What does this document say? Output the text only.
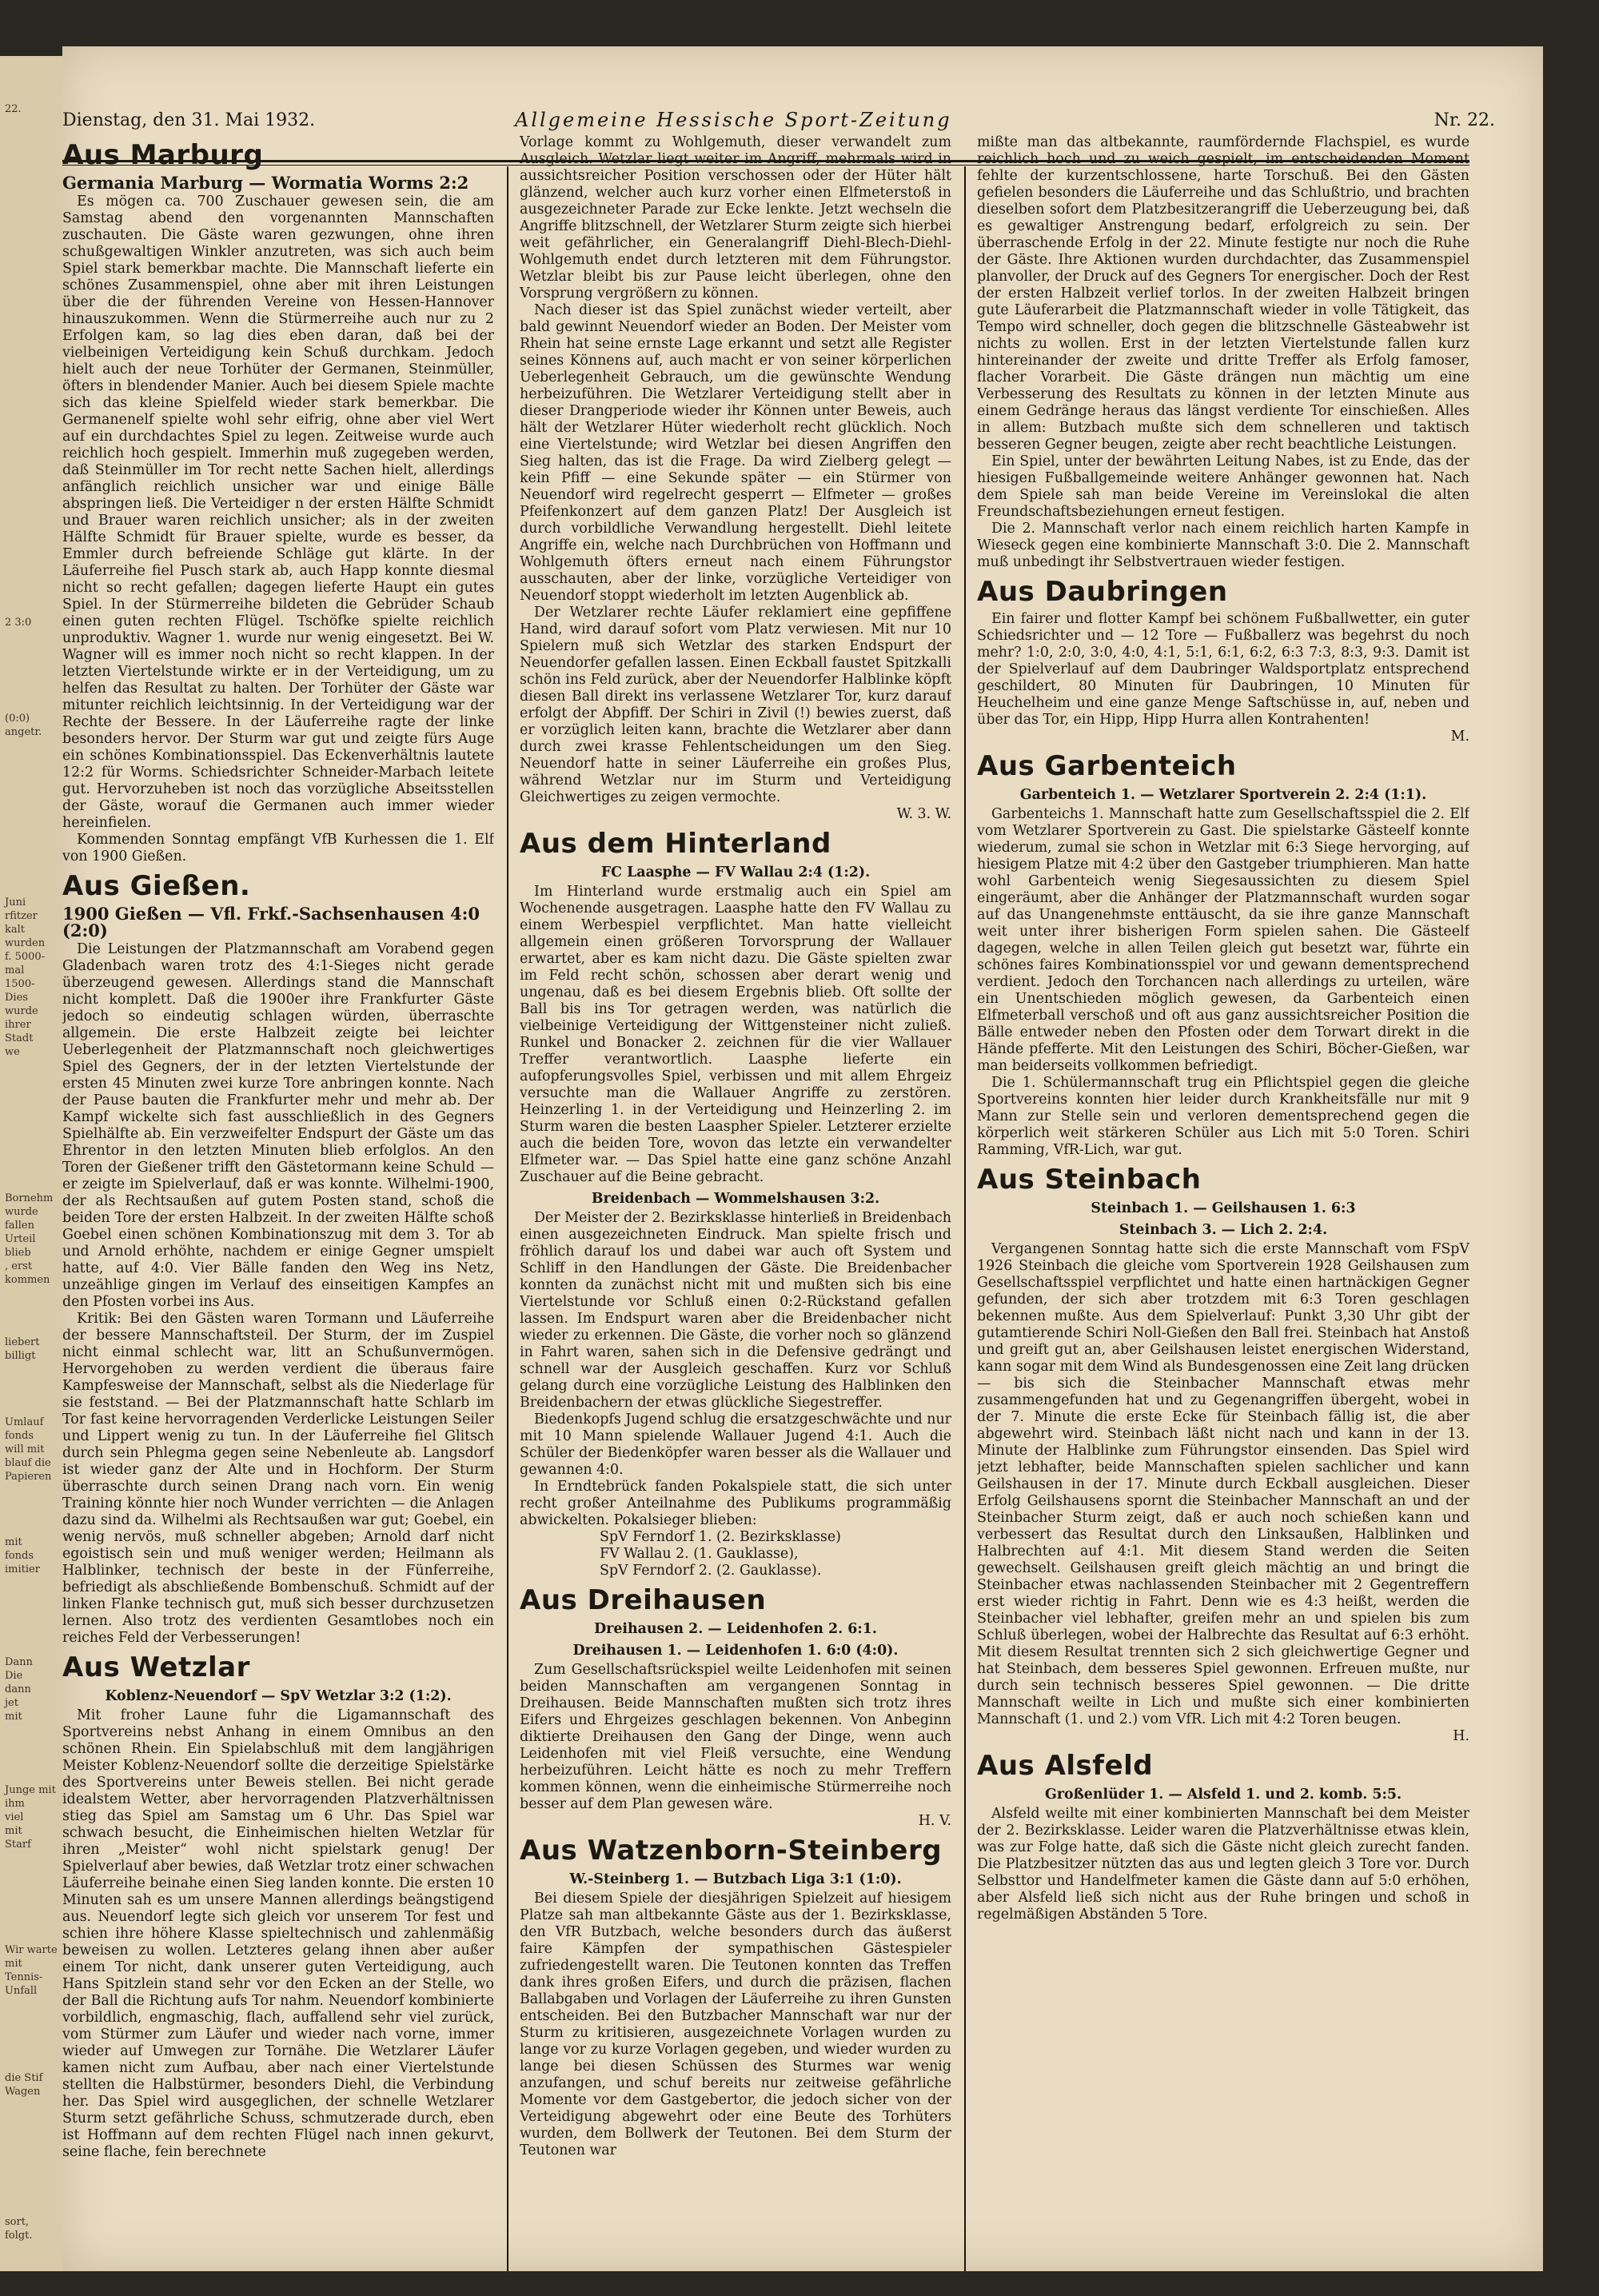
22.
2 3:0
(0:0)
angetr.
Juni
rfitzer
kalt
wurden
f. 5000-
mal
1500-
Dies
wurde
ihrer
Stadt
we
Bornehm
wurde
fallen
Urteil
blieb
, erst
kommen
liebert
billigt
Umlauf
fonds
will mit
blauf die
Papieren
mit
fonds
imitier
Dann
Die
dann
jet
mit
Junge mit
ihm
viel
mit
Starf
Wir warte
mit
Tennis-
Unfall
die Stif
Wagen
sort, folgt.
Dienstag, den 31. Mai 1932.	Allgemeine Hessische Sport-Zeitung	Nr. 22.
Aus Marburg
Germania Marburg — Wormatia Worms 2:2

Es mögen ca. 700 Zuschauer gewesen sein, die am Samstag abend den vorgenannten Mannschaften zuschauten. Die Gäste waren gezwungen, ohne ihren schußgewaltigen Winkler anzutreten, was sich auch beim Spiel stark bemerkbar machte. Die Mannschaft lieferte ein schönes Zusammenspiel, ohne aber mit ihren Leistungen über die der führenden Vereine von Hessen-Hannover hinauszukommen. Wenn die Stürmerreihe auch nur zu 2 Erfolgen kam, so lag dies eben daran, daß bei der vielbeinigen Verteidigung kein Schuß durchkam. Jedoch hielt auch der neue Torhüter der Germanen, Steinmüller, öfters in blendender Manier. Auch bei diesem Spiele machte sich das kleine Spielfeld wieder stark bemerkbar. Die Germanenelf spielte wohl sehr eifrig, ohne aber viel Wert auf ein durchdachtes Spiel zu legen. Zeitweise wurde auch reichlich hoch gespielt. Immerhin muß zugegeben werden, daß Steinmüller im Tor recht nette Sachen hielt, allerdings anfänglich reichlich unsicher war und einige Bälle abspringen ließ. Die Verteidiger n der ersten Hälfte Schmidt und Brauer waren reichlich unsicher; als in der zweiten Hälfte Schmidt für Brauer spielte, wurde es besser, da Emmler durch befreiende Schläge gut klärte. In der Läuferreihe fiel Pusch stark ab, auch Happ konnte diesmal nicht so recht gefallen; dagegen lieferte Haupt ein gutes Spiel. In der Stürmerreihe bildeten die Gebrüder Schaub einen guten rechten Flügel. Tschöfke spielte reichlich unproduktiv. Wagner 1. wurde nur wenig eingesetzt. Bei W. Wagner will es immer noch nicht so recht klappen. In der letzten Viertelstunde wirkte er in der Verteidigung, um zu helfen das Resultat zu halten. Der Torhüter der Gäste war mitunter reichlich leichtsinnig. In der Verteidigung war der Rechte der Bessere. In der Läuferreihe ragte der linke besonders hervor. Der Sturm war gut und zeigte fürs Auge ein schönes Kombinationsspiel. Das Eckenverhältnis lautete 12:2 für Worms. Schiedsrichter Schneider-Marbach leitete gut. Hervorzuheben ist noch das vorzügliche Abseitsstellen der Gäste, worauf die Germanen auch immer wieder hereinfielen.

Kommenden Sonntag empfängt VfB Kurhessen die 1. Elf von 1900 Gießen.

Aus Gießen.
1900 Gießen — Vfl. Frkf.-Sachsenhausen 4:0 (2:0)

Die Leistungen der Platzmannschaft am Vorabend gegen Gladenbach waren trotz des 4:1-Sieges nicht gerade überzeugend gewesen. Allerdings stand die Mannschaft nicht komplett. Daß die 1900er ihre Frankfurter Gäste jedoch so eindeutig schlagen würden, überraschte allgemein. Die erste Halbzeit zeigte bei leichter Ueberlegenheit der Platzmannschaft noch gleichwertiges Spiel des Gegners, der in der letzten Viertelstunde der ersten 45 Minuten zwei kurze Tore anbringen konnte. Nach der Pause bauten die Frankfurter mehr und mehr ab. Der Kampf wickelte sich fast ausschließlich in des Gegners Spielhälfte ab. Ein verzweifelter Endspurt der Gäste um das Ehrentor in den letzten Minuten blieb erfolglos. An den Toren der Gießener trifft den Gästetormann keine Schuld — er zeigte im Spielverlauf, daß er was konnte. Wilhelmi-1900, der als Rechtsaußen auf gutem Posten stand, schoß die beiden Tore der ersten Halbzeit. In der zweiten Hälfte schoß Goebel einen schönen Kombinationszug mit dem 3. Tor ab und Arnold erhöhte, nachdem er einige Gegner umspielt hatte, auf 4:0. Vier Bälle fanden den Weg ins Netz, unzeählige gingen im Verlauf des einseitigen Kampfes an den Pfosten vorbei ins Aus.

Kritik: Bei den Gästen waren Tormann und Läuferreihe der bessere Mannschaftsteil. Der Sturm, der im Zuspiel nicht einmal schlecht war, litt an Schußunvermögen. Hervorgehoben zu werden verdient die überaus faire Kampfesweise der Mannschaft, selbst als die Niederlage für sie feststand. — Bei der Platzmannschaft hatte Schlarb im Tor fast keine hervorragenden Verderlicke Leistungen Seiler und Lippert wenig zu tun. In der Läuferreihe fiel Glitsch durch sein Phlegma gegen seine Nebenleute ab. Langsdorf ist wieder ganz der Alte und in Hochform. Der Sturm überraschte durch seinen Drang nach vorn. Ein wenig Training könnte hier noch Wunder verrichten — die Anlagen dazu sind da. Wilhelmi als Rechtsaußen war gut; Goebel, ein wenig nervös, muß schneller abgeben; Arnold darf nicht egoistisch sein und muß weniger werden; Heilmann als Halblinker, technisch der beste in der Fünferreihe, befriedigt als abschließende Bombenschuß. Schmidt auf der linken Flanke technisch gut, muß sich besser durchzusetzen lernen. Also trotz des verdienten Gesamtlobes noch ein reiches Feld der Verbesserungen!

Aus Wetzlar
Koblenz-Neuendorf — SpV Wetzlar 3:2 (1:2).

Mit froher Laune fuhr die Ligamannschaft des Sportvereins nebst Anhang in einem Omnibus an den schönen Rhein. Ein Spielabschluß mit dem langjährigen Meister Koblenz-Neuendorf sollte die derzeitige Spielstärke des Sportvereins unter Beweis stellen. Bei nicht gerade idealstem Wetter, aber hervorragenden Platzverhältnissen stieg das Spiel am Samstag um 6 Uhr. Das Spiel war schwach besucht, die Einheimischen hielten Wetzlar für ihren „Meister“ wohl nicht spielstark genug! Der Spielverlauf aber bewies, daß Wetzlar trotz einer schwachen Läuferreihe beinahe einen Sieg landen konnte. Die ersten 10 Minuten sah es um unsere Mannen allerdings beängstigend aus. Neuendorf legte sich gleich vor unserem Tor fest und schien ihre höhere Klasse spieltechnisch und zahlenmäßig beweisen zu wollen. Letzteres gelang ihnen aber außer einem Tor nicht, dank unserer guten Verteidigung, auch Hans Spitzlein stand sehr vor den Ecken an der Stelle, wo der Ball die Richtung aufs Tor nahm. Neuendorf kombinierte vorbildlich, engmaschig, flach, auffallend sehr viel zurück, vom Stürmer zum Läufer und wieder nach vorne, immer wieder auf Umwegen zur Tornähe. Die Wetzlarer Läufer kamen nicht zum Aufbau, aber nach einer Viertelstunde stellten die Halbstürmer, besonders Diehl, die Verbindung her. Das Spiel wird ausgeglichen, der schnelle Wetzlarer Sturm setzt gefährliche Schuss, schmutzerade durch, eben ist Hoffmann auf dem rechten Flügel nach innen gekurvt, seine flache, fein berechnete

Vorlage kommt zu Wohlgemuth, dieser verwandelt zum Ausgleich. Wetzlar liegt weiter im Angriff, mehrmals wird in aussichtsreicher Position verschossen oder der Hüter hält glänzend, welcher auch kurz vorher einen Elfmeterstoß in ausgezeichneter Parade zur Ecke lenkte. Jetzt wechseln die Angriffe blitzschnell, der Wetzlarer Sturm zeigte sich hierbei weit gefährlicher, ein Generalangriff Diehl-Blech-Diehl-Wohlgemuth endet durch letzteren mit dem Führungstor. Wetzlar bleibt bis zur Pause leicht überlegen, ohne den Vorsprung vergrößern zu können.

Nach dieser ist das Spiel zunächst wieder verteilt, aber bald gewinnt Neuendorf wieder an Boden. Der Meister vom Rhein hat seine ernste Lage erkannt und setzt alle Register seines Könnens auf, auch macht er von seiner körperlichen Ueberlegenheit Gebrauch, um die gewünschte Wendung herbeizuführen. Die Wetzlarer Verteidigung stellt aber in dieser Drangperiode wieder ihr Können unter Beweis, auch hält der Wetzlarer Hüter wiederholt recht glücklich. Noch eine Viertelstunde; wird Wetzlar bei diesen Angriffen den Sieg halten, das ist die Frage. Da wird Zielberg gelegt — kein Pfiff — eine Sekunde später — ein Stürmer von Neuendorf wird regelrecht gesperrt — Elfmeter — großes Pfeifenkonzert auf dem ganzen Platz! Der Ausgleich ist durch vorbildliche Verwandlung hergestellt. Diehl leitete Angriffe ein, welche nach Durchbrüchen von Hoffmann und Wohlgemuth öfters erneut nach einem Führungstor ausschauten, aber der linke, vorzügliche Verteidiger von Neuendorf stoppt wiederholt im letzten Augenblick ab.

Der Wetzlarer rechte Läufer reklamiert eine gepfiffene Hand, wird darauf sofort vom Platz verwiesen. Mit nur 10 Spielern muß sich Wetzlar des starken Endspurt der Neuendorfer gefallen lassen. Einen Eckball faustet Spitzkalli schön ins Feld zurück, aber der Neuendorfer Halblinke köpft diesen Ball direkt ins verlassene Wetzlarer Tor, kurz darauf erfolgt der Abpfiff. Der Schiri in Zivil (!) bewies zuerst, daß er vorzüglich leiten kann, brachte die Wetzlarer aber dann durch zwei krasse Fehlentscheidungen um den Sieg. Neuendorf hatte in seiner Läuferreihe ein großes Plus, während Wetzlar nur im Sturm und Verteidigung Gleichwertiges zu zeigen vermochte.

W. 3. W.
Aus dem Hinterland
FC Laasphe — FV Wallau 2:4 (1:2).

Im Hinterland wurde erstmalig auch ein Spiel am Wochenende ausgetragen. Laasphe hatte den FV Wallau zu einem Werbespiel verpflichtet. Man hatte vielleicht allgemein einen größeren Torvorsprung der Wallauer erwartet, aber es kam nicht dazu. Die Gäste spielten zwar im Feld recht schön, schossen aber derart wenig und ungenau, daß es bei diesem Ergebnis blieb. Oft sollte der Ball bis ins Tor getragen werden, was natürlich die vielbeinige Verteidigung der Wittgensteiner nicht zuließ. Runkel und Bonacker 2. zeichnen für die vier Wallauer Treffer verantwortlich. Laasphe lieferte ein aufopferungsvolles Spiel, verbissen und mit allem Ehrgeiz versuchte man die Wallauer Angriffe zu zerstören. Heinzerling 1. in der Verteidigung und Heinzerling 2. im Sturm waren die besten Laaspher Spieler. Letzterer erzielte auch die beiden Tore, wovon das letzte ein verwandelter Elfmeter war. — Das Spiel hatte eine ganz schöne Anzahl Zuschauer auf die Beine gebracht.

Breidenbach — Wommelshausen 3:2.

Der Meister der 2. Bezirksklasse hinterließ in Breidenbach einen ausgezeichneten Eindruck. Man spielte frisch und fröhlich darauf los und dabei war auch oft System und Schliff in den Handlungen der Gäste. Die Breidenbacher konnten da zunächst nicht mit und mußten sich bis eine Viertelstunde vor Schluß einen 0:2-Rückstand gefallen lassen. Im Endspurt waren aber die Breidenbacher nicht wieder zu erkennen. Die Gäste, die vorher noch so glänzend in Fahrt waren, sahen sich in die Defensive gedrängt und schnell war der Ausgleich geschaffen. Kurz vor Schluß gelang durch eine vorzügliche Leistung des Halblinken den Breidenbachern der etwas glückliche Siegestreffer.

Biedenkopfs Jugend schlug die ersatzgeschwächte und nur mit 10 Mann spielende Wallauer Jugend 4:1. Auch die Schüler der Biedenköpfer waren besser als die Wallauer und gewannen 4:0.

In Erndtebrück fanden Pokalspiele statt, die sich unter recht großer Anteilnahme des Publikums programmäßig abwickelten. Pokalsieger blieben:

SpV Ferndorf 1. (2. Bezirksklasse)

FV Wallau 2. (1. Gauklasse),

SpV Ferndorf 2. (2. Gauklasse).

Aus Dreihausen
Dreihausen 2. — Leidenhofen 2. 6:1.
Dreihausen 1. — Leidenhofen 1. 6:0 (4:0).

Zum Gesellschaftsrückspiel weilte Leidenhofen mit seinen beiden Mannschaften am vergangenen Sonntag in Dreihausen. Beide Mannschaften mußten sich trotz ihres Eifers und Ehrgeizes geschlagen bekennen. Von Anbeginn diktierte Dreihausen den Gang der Dinge, wenn auch Leidenhofen mit viel Fleiß versuchte, eine Wendung herbeizuführen. Leicht hätte es noch zu mehr Treffern kommen können, wenn die einheimische Stürmerreihe noch besser auf dem Plan gewesen wäre.

H. V.
Aus Watzenborn-Steinberg
W.-Steinberg 1. — Butzbach Liga 3:1 (1:0).

Bei diesem Spiele der diesjährigen Spielzeit auf hiesigem Platze sah man altbekannte Gäste aus der 1. Bezirksklasse, den VfR Butzbach, welche besonders durch das äußerst faire Kämpfen der sympathischen Gästespieler zufriedengestellt waren. Die Teutonen konnten das Treffen dank ihres großen Eifers, und durch die präzisen, flachen Ballabgaben und Vorlagen der Läuferreihe zu ihren Gunsten entscheiden. Bei den Butzbacher Mannschaft war nur der Sturm zu kritisieren, ausgezeichnete Vorlagen wurden zu lange vor zu kurze Vorlagen gegeben, und wieder wurden zu lange bei diesen Schüssen des Sturmes war wenig anzufangen, und schuf bereits nur zeitweise gefährliche Momente vor dem Gastgebertor, die jedoch sicher von der Verteidigung abgewehrt oder eine Beute des Torhüters wurden, dem Bollwerk der Teutonen. Bei dem Sturm der Teutonen war

mißte man das altbekannte, raumfördernde Flachspiel, es wurde reichlich hoch und zu weich gespielt, im entscheidenden Moment fehlte der kurzentschlossene, harte Torschuß. Bei den Gästen gefielen besonders die Läuferreihe und das Schlußtrio, und brachten dieselben sofort dem Platzbesitzerangriff die Ueberzeugung bei, daß es gewaltiger Anstrengung bedarf, erfolgreich zu sein. Der überraschende Erfolg in der 22. Minute festigte nur noch die Ruhe der Gäste. Ihre Aktionen wurden durchdachter, das Zusammenspiel planvoller, der Druck auf des Gegners Tor energischer. Doch der Rest der ersten Halbzeit verlief torlos. In der zweiten Halbzeit bringen gute Läuferarbeit die Platzmannschaft wieder in volle Tätigkeit, das Tempo wird schneller, doch gegen die blitzschnelle Gästeabwehr ist nichts zu wollen. Erst in der letzten Viertelstunde fallen kurz hintereinander der zweite und dritte Treffer als Erfolg famoser, flacher Vorarbeit. Die Gäste drängen nun mächtig um eine Verbesserung des Resultats zu können in der letzten Minute aus einem Gedränge heraus das längst verdiente Tor einschießen. Alles in allem: Butzbach mußte sich dem schnelleren und taktisch besseren Gegner beugen, zeigte aber recht beachtliche Leistungen.

Ein Spiel, unter der bewährten Leitung Nabes, ist zu Ende, das der hiesigen Fußballgemeinde weitere Anhänger gewonnen hat. Nach dem Spiele sah man beide Vereine im Vereinslokal die alten Freundschaftsbeziehungen erneut festigen.

Die 2. Mannschaft verlor nach einem reichlich harten Kampfe in Wieseck gegen eine kombinierte Mannschaft 3:0. Die 2. Mannschaft muß unbedingt ihr Selbstvertrauen wieder festigen.

Aus Daubringen

Ein fairer und flotter Kampf bei schönem Fußballwetter, ein guter Schiedsrichter und — 12 Tore — Fußballerz was begehrst du noch mehr? 1:0, 2:0, 3:0, 4:0, 4:1, 5:1, 6:1, 6:2, 6:3 7:3, 8:3, 9:3. Damit ist der Spielverlauf auf dem Daubringer Waldsportplatz entsprechend geschildert, 80 Minuten für Daubringen, 10 Minuten für Heuchelheim und eine ganze Menge Saftschüsse in, auf, neben und über das Tor, ein Hipp, Hipp Hurra allen Kontrahenten!

M.
Aus Garbenteich
Garbenteich 1. — Wetzlarer Sportverein 2. 2:4 (1:1).

Garbenteichs 1. Mannschaft hatte zum Gesellschaftsspiel die 2. Elf vom Wetzlarer Sportverein zu Gast. Die spielstarke Gästeelf konnte wiederum, zumal sie schon in Wetzlar mit 6:3 Siege hervorging, auf hiesigem Platze mit 4:2 über den Gastgeber triumphieren. Man hatte wohl Garbenteich wenig Siegesaussichten zu diesem Spiel eingeräumt, aber die Anhänger der Platzmannschaft wurden sogar auf das Unangenehmste enttäuscht, da sie ihre ganze Mannschaft weit unter ihrer bisherigen Form spielen sahen. Die Gästeelf dagegen, welche in allen Teilen gleich gut besetzt war, führte ein schönes faires Kombinationsspiel vor und gewann dementsprechend verdient. Jedoch den Torchancen nach allerdings zu urteilen, wäre ein Unentschieden möglich gewesen, da Garbenteich einen Elfmeterball verschoß und oft aus ganz aussichtsreicher Position die Bälle entweder neben den Pfosten oder dem Torwart direkt in die Hände pfefferte. Mit den Leistungen des Schiri, Böcher-Gießen, war man beiderseits vollkommen befriedigt.

Die 1. Schülermannschaft trug ein Pflichtspiel gegen die gleiche Sportvereins konnten hier leider durch Krankheitsfälle nur mit 9 Mann zur Stelle sein und verloren dementsprechend gegen die körperlich weit stärkeren Schüler aus Lich mit 5:0 Toren. Schiri Ramming, VfR-Lich, war gut.

Aus Steinbach
Steinbach 1. — Geilshausen 1. 6:3
Steinbach 3. — Lich 2. 2:4.

Vergangenen Sonntag hatte sich die erste Mannschaft vom FSpV 1926 Steinbach die gleiche vom Sportverein 1928 Geilshausen zum Gesellschaftsspiel verpflichtet und hatte einen hartnäckigen Gegner gefunden, der sich aber trotzdem mit 6:3 Toren geschlagen bekennen mußte. Aus dem Spielverlauf: Punkt 3,30 Uhr gibt der gutamtierende Schiri Noll-Gießen den Ball frei. Steinbach hat Anstoß und greift gut an, aber Geilshausen leistet energischen Widerstand, kann sogar mit dem Wind als Bundesgenossen eine Zeit lang drücken — bis sich die Steinbacher Mannschaft etwas mehr zusammengefunden hat und zu Gegenangriffen übergeht, wobei in der 7. Minute die erste Ecke für Steinbach fällig ist, die aber abgewehrt wird. Steinbach läßt nicht nach und kann in der 13. Minute der Halblinke zum Führungstor einsenden. Das Spiel wird jetzt lebhafter, beide Mannschaften spielen sachlicher und kann Geilshausen in der 17. Minute durch Eckball ausgleichen. Dieser Erfolg Geilshausens spornt die Steinbacher Mannschaft an und der Steinbacher Sturm zeigt, daß er auch noch schießen kann und verbessert das Resultat durch den Linksaußen, Halblinken und Halbrechten auf 4:1. Mit diesem Stand werden die Seiten gewechselt. Geilshausen greift gleich mächtig an und bringt die Steinbacher etwas nachlassenden Steinbacher mit 2 Gegentreffern erst wieder richtig in Fahrt. Denn wie es 4:3 heißt, werden die Steinbacher viel lebhafter, greifen mehr an und spielen bis zum Schluß überlegen, wobei der Halbrechte das Resultat auf 6:3 erhöht. Mit diesem Resultat trennten sich 2 sich gleichwertige Gegner und hat Steinbach, dem besseres Spiel gewonnen. Erfreuen mußte, nur durch sein technisch besseres Spiel gewonnen. — Die dritte Mannschaft weilte in Lich und mußte sich einer kombinierten Mannschaft (1. und 2.) vom VfR. Lich mit 4:2 Toren beugen.

H.
Aus Alsfeld
Großenlüder 1. — Alsfeld 1. und 2. komb. 5:5.

Alsfeld weilte mit einer kombinierten Mannschaft bei dem Meister der 2. Bezirksklasse. Leider waren die Platzverhältnisse etwas klein, was zur Folge hatte, daß sich die Gäste nicht gleich zurecht fanden. Die Platzbesitzer nützten das aus und legten gleich 3 Tore vor. Durch Selbsttor und Handelfmeter kamen die Gäste dann auf 5:0 erhöhen, aber Alsfeld ließ sich nicht aus der Ruhe bringen und schoß in regelmäßigen Abständen 5 Tore.
